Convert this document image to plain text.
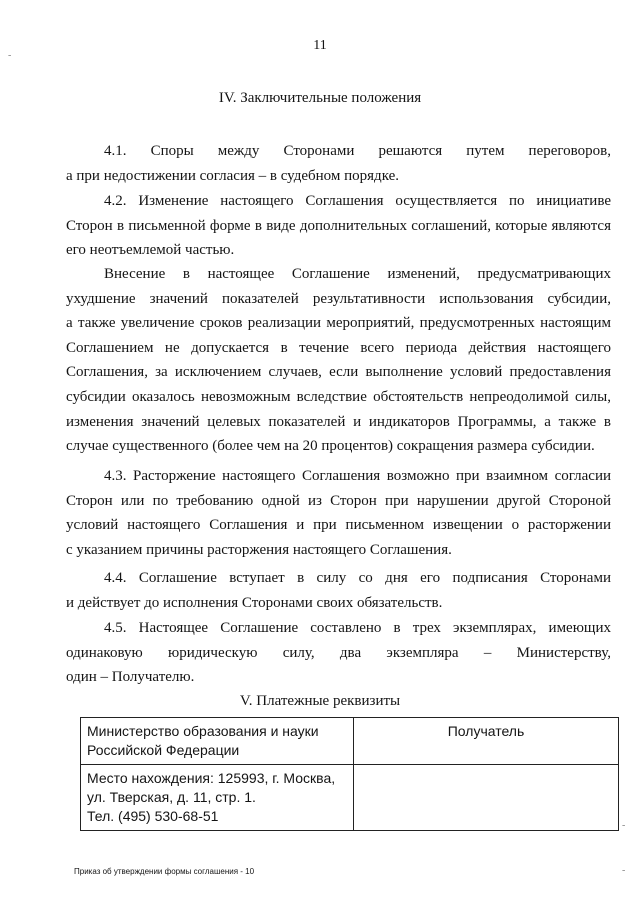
11
IV. Заключительные положения
4.1. Споры между Сторонами решаются путем переговоров,
а при недостижении согласия – в судебном порядке.
4.2. Изменение настоящего Соглашения осуществляется по инициативе
Сторон в письменной форме в виде дополнительных соглашений, которые являются
его неотъемлемой частью.
Внесение в настоящее Соглашение изменений, предусматривающих
ухудшение значений показателей результативности использования субсидии,
а также увеличение сроков реализации мероприятий, предусмотренных настоящим
Соглашением не допускается в течение всего периода действия настоящего
Соглашения, за исключением случаев, если выполнение условий предоставления
субсидии оказалось невозможным вследствие обстоятельств непреодолимой силы,
изменения значений целевых показателей и индикаторов Программы, а также в
случае существенного (более чем на 20 процентов) сокращения размера субсидии.
4.3. Расторжение настоящего Соглашения возможно при взаимном согласии
Сторон или по требованию одной из Сторон при нарушении другой Стороной
условий настоящего Соглашения и при письменном извещении о расторжении
с указанием причины расторжения настоящего Соглашения.
4.4. Соглашение вступает в силу со дня его подписания Сторонами
и действует до исполнения Сторонами своих обязательств.
4.5. Настоящее Соглашение составлено в трех экземплярах, имеющих
одинаковую юридическую силу, два экземпляра – Министерству,
один – Получателю.
V. Платежные реквизиты
Министерство образования и науки
Российской Федерации	Получатель

Место нахождения: 125993, г. Москва,
ул. Тверская, д. 11, стр. 1.
Тел. (495) 530-68-51	

Приказ об утверждении формы соглашения - 10
-
-
-
